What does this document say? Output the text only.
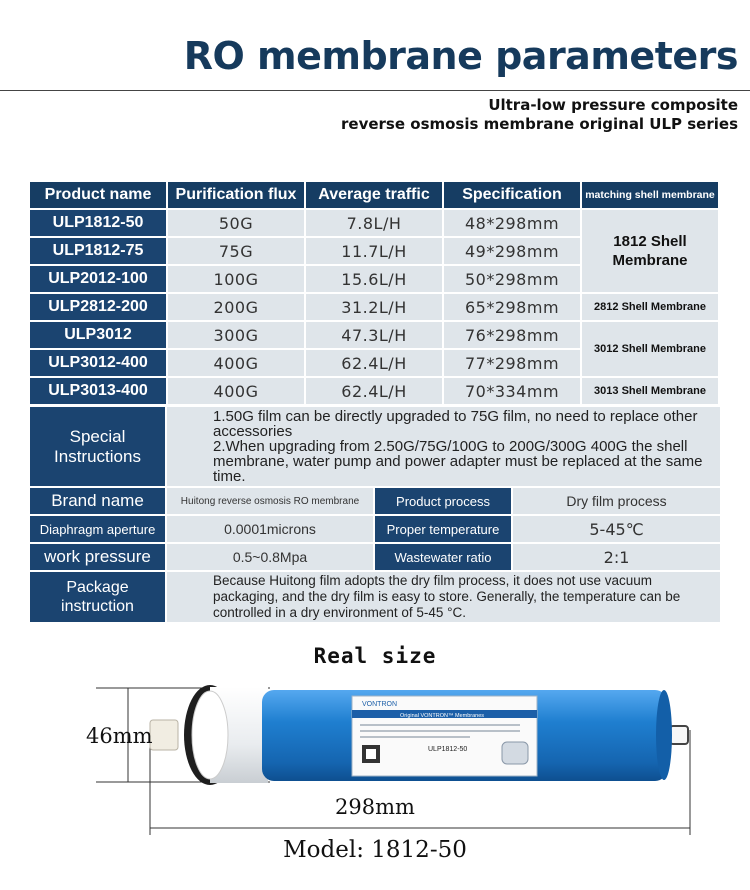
RO membrane parameters
Ultra-low pressure composite
reverse osmosis membrane original ULP series
Product name	Purification flux	Average traffic	Specification	matching shell membrane
ULP1812-50	50G	7.8L/H	48*298mm	1812 Shell Membrane
ULP1812-75	75G	11.7L/H	49*298mm	
ULP2012-100	100G	15.6L/H	50*298mm	
ULP2812-200	200G	31.2L/H	65*298mm	2812 Shell Membrane
ULP3012	300G	47.3L/H	76*298mm	3012 Shell Membrane
ULP3012-400	400G	62.4L/H	77*298mm	
ULP3013-400	400G	62.4L/H	70*334mm	3013 Shell Membrane
Special Instructions	1.50G film can be directly upgraded to 75G film, no need to replace other accessories

2.When upgrading from 2.50G/75G/100G to 200G/300G 400G the shell membrane, water pump and power adapter must be replaced at the same time.		

Brand name	Huitong reverse osmosis RO membrane	Product process	Dry film process
Diaphragm aperture	0.0001microns	Proper temperature	5-45℃
work pressure	0.5~0.8Mpa	Wastewater ratio	2:1
Package instruction	Because Huitong film adopts the dry film process, it does not use vacuum packaging, and the dry film is easy to store. Generally, the temperature can be controlled in a dry environment of 5-45 °C.		
Real size
VONTRON
Original VONTRON™ Membranes
ULP1812-50
46mm
298mm
Model: 1812-50
